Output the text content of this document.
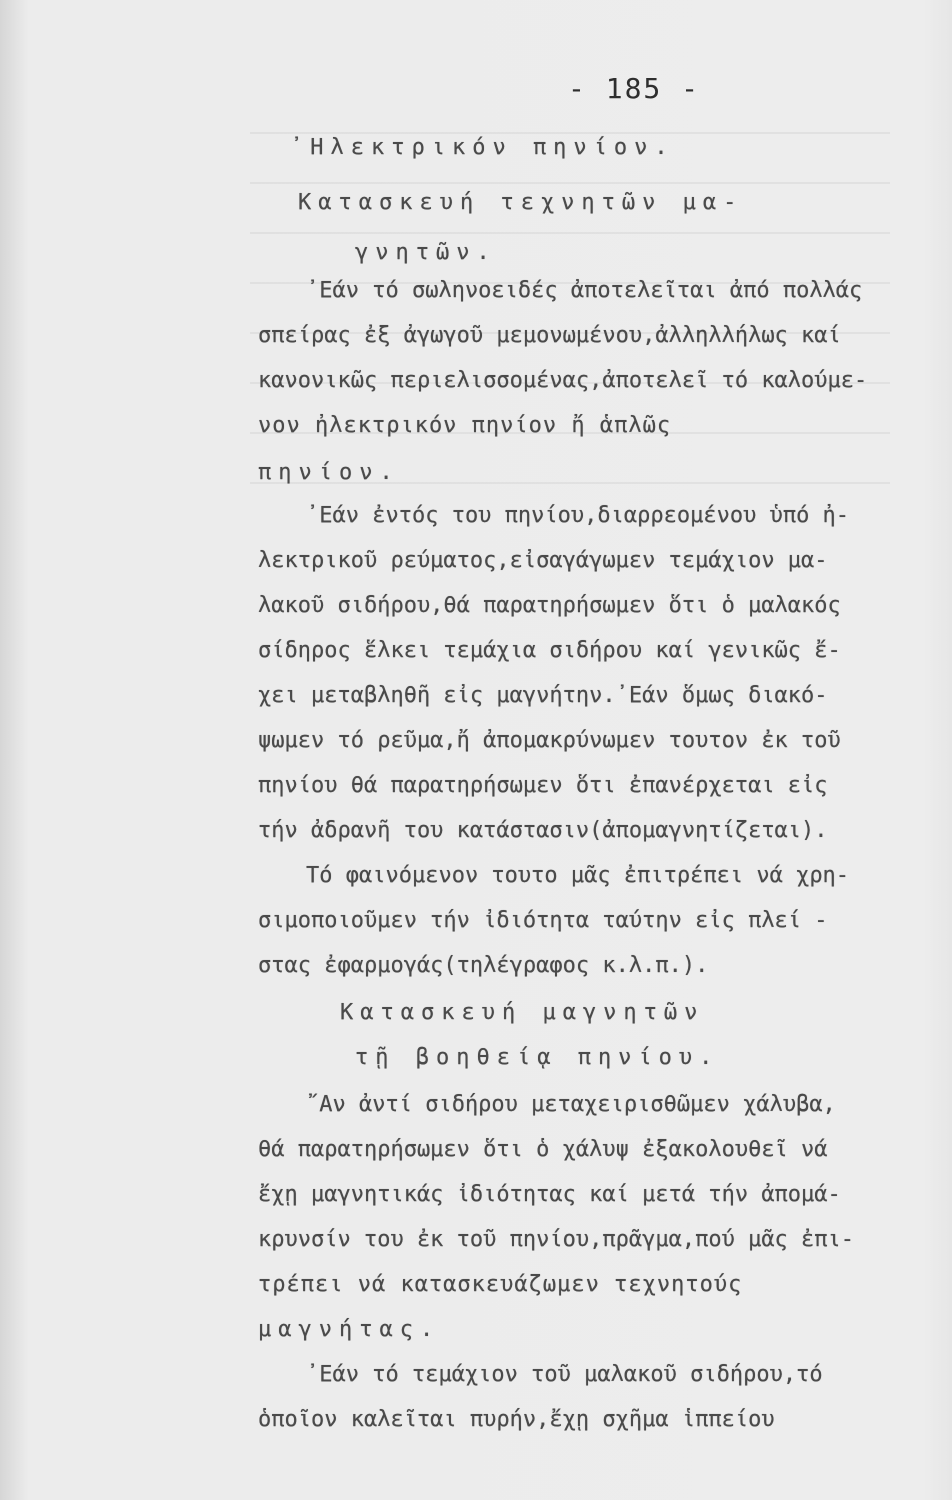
- 185 -
᾿Ηλεκτρικόν πηνίον.
Κατασκευή τεχνητῶν μα-
γνητῶν.
᾿Εάν τό σωληνοειδές ἀποτελεῖται ἀπό πολλάς
σπείρας ἐξ ἀγωγοῦ μεμονωμένου,ἀλληλλήλως καί
κανονικῶς περιελισσομένας,ἀποτελεῖ τό καλούμε-
νον ἠλεκτρικόν πηνίον ἤ ἁπλῶς
πηνίον.
᾿Εάν ἐντός του πηνίου,διαρρεομένου ὑπό ἠ-
λεκτρικοῦ ρεύματος,εἰσαγάγωμεν τεμάχιον μα-
λακοῦ σιδήρου,θά παρατηρήσωμεν ὅτι ὁ μαλακός
σίδηρος ἕλκει τεμάχια σιδήρου καί γενικῶς ἔ-
χει μεταβληθῆ εἰς μαγνήτην.᾿Εάν ὅμως διακό-
ψωμεν τό ρεῦμα,ἤ ἀπομακρύνωμεν τουτον ἐκ τοῦ
πηνίου θά παρατηρήσωμεν ὅτι ἐπανέρχεται εἰς
τήν ἀδρανῆ του κατάστασιν(ἀπομαγνητίζεται).
Τό φαινόμενον τουτο μᾶς ἐπιτρέπει νά χρη-
σιμοποιοῦμεν τήν ἰδιότητα ταύτην εἰς πλεί -
στας ἐφαρμογάς(τηλέγραφος κ.λ.π.).
Κατασκευή μαγνητῶν
τῇ βοηθείᾳ πηνίου.
῎Αν ἀντί σιδήρου μεταχειρισθῶμεν χάλυβα,
θά παρατηρήσωμεν ὅτι ὁ χάλυψ ἐξακολουθεῖ νά
ἔχῃ μαγνητικάς ἰδιότητας καί μετά τήν ἀπομά-
κρυνσίν του ἐκ τοῦ πηνίου,πρᾶγμα,πού μᾶς ἐπι-
τρέπει νά κατασκευάζωμεν τεχνητούς
μαγνήτας.
᾿Εάν τό τεμάχιον τοῦ μαλακοῦ σιδήρου,τό
ὁποῖον καλεῖται πυρήν,ἔχῃ σχῆμα ἱππείου
